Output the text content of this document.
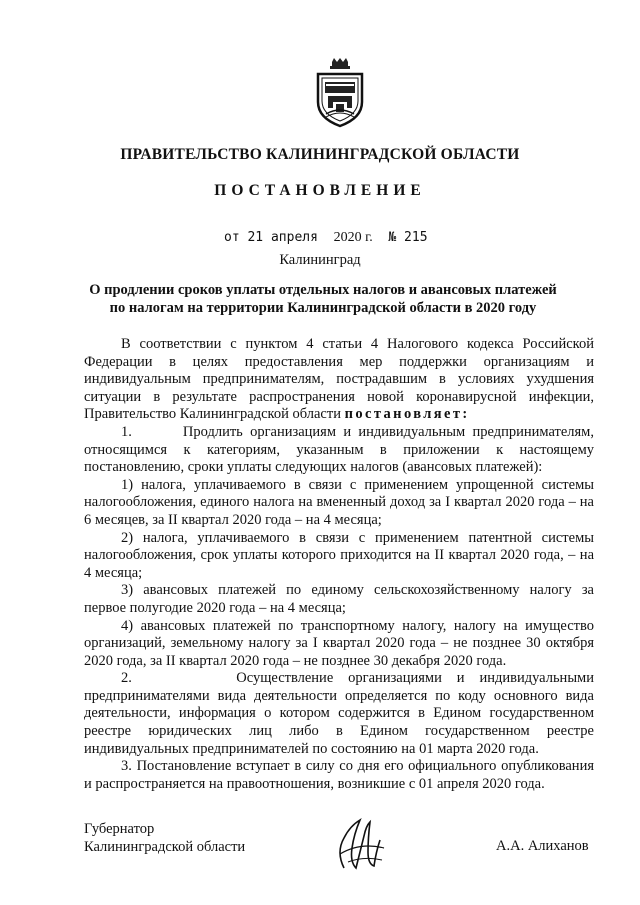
ПРАВИТЕЛЬСТВО КАЛИНИНГРАДСКОЙ ОБЛАСТИ
ПОСТАНОВЛЕНИЕ
от 21 апреля 2020 г. № 215
Калининград
О продлении сроков уплаты отдельных налогов и авансовых платежей
по налогам на территории Калининградской области в 2020 году

В соответствии с пунктом 4 статьи 4 Налогового кодекса Российской Федерации в целях предоставления мер поддержки организациям и индивидуальным предпринимателям, пострадавшим в условиях ухудшения ситуации в результате распространения новой коронавирусной инфекции, Правительство Калининградской области постановляет:

1.       Продлить организациям и индивидуальным предпринимателям, относящимся к категориям, указанным в приложении к настоящему постановлению, сроки уплаты следующих налогов (авансовых платежей):

1) налога, уплачиваемого в связи с применением упрощенной системы налогообложения, единого налога на вмененный доход за I квартал 2020 года – на 6 месяцев, за II квартал 2020 года – на 4 месяца;

2) налога, уплачиваемого в связи с применением патентной системы налогообложения, срок уплаты которого приходится на II квартал 2020 года, – на 4 месяца;

3) авансовых платежей по единому сельскохозяйственному налогу за первое полугодие 2020 года – на 4 месяца;

4) авансовых платежей по транспортному налогу, налогу на имущество организаций, земельному налогу за I квартал 2020 года – не позднее 30 октября 2020 года, за II квартал 2020 года – не позднее 30 декабря 2020 года.

2.       Осуществление организациями и индивидуальными предпринимателями вида деятельности определяется по коду основного вида деятельности, информация о котором содержится в Едином государственном реестре юридических лиц либо в Едином государственном реестре индивидуальных предпринимателей по состоянию на 01 марта 2020 года.

3. Постановление вступает в силу со дня его официального опубликования и распространяется на правоотношения, возникшие с 01 апреля 2020 года.

Губернатор
Калининградской области	А.А. Алиханов
